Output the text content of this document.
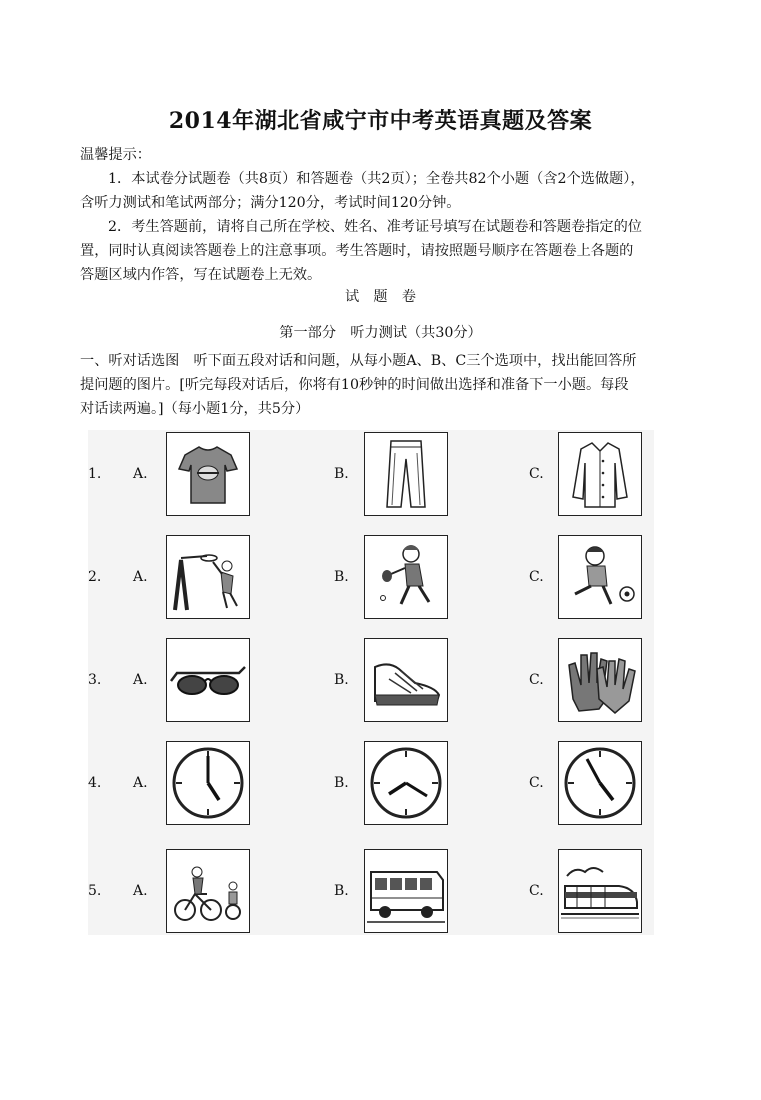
2014年湖北省咸宁市中考英语真题及答案
温馨提示：
1．本试卷分试题卷（共8页）和答题卷（共2页）；全卷共82个小题（含2个选做题），
含听力测试和笔试两部分；满分120分，考试时间120分钟。
2．考生答题前，请将自己所在学校、姓名、准考证号填写在试题卷和答题卷指定的位
置，同时认真阅读答题卷上的注意事项。考生答题时，请按照题号顺序在答题卷上各题的
答题区域内作答，写在试题卷上无效。
试　题　卷
第一部分　听力测试（共30分）
一、听对话选图　听下面五段对话和问题，从每小题A、B、C三个选项中，找出能回答所
提问题的图片。[听完每段对话后，你将有10秒钟的时间做出选择和准备下一小题。每段
对话读两遍。]（每小题1分，共5分）
1. A.	B.	C.
2. A.	B.	C.
3. A.	B.	C.
4. A.	B.	C.
5. A.	B.	C.
